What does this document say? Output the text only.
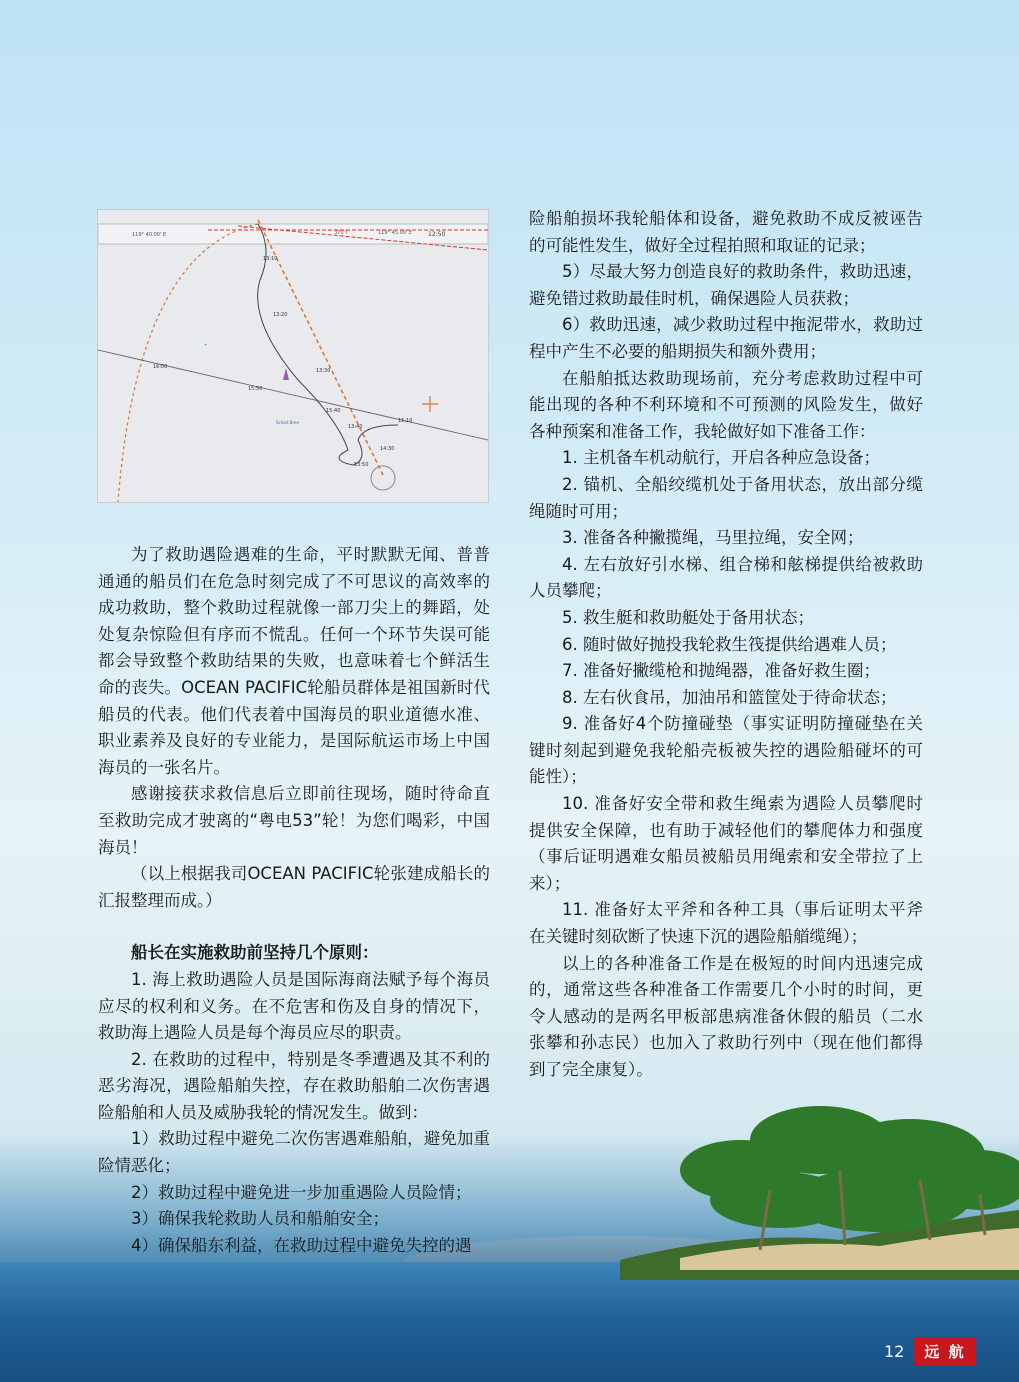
119° 40.00' E	370 T	119° 45.00' E	12:50
13:10
13:20
13:30
13:40
13:50
16:00
15:50
15:40
14:30
15:10
Schiet Bree
+

为了救助遇险遇难的生命，平时默默无闻、普普通通的船员们在危急时刻完成了不可思议的高效率的成功救助，整个救助过程就像一部刀尖上的舞蹈，处处复杂惊险但有序而不慌乱。任何一个环节失误可能都会导致整个救助结果的失败，也意味着七个鲜活生命的丧失。OCEAN PACIFIC轮船员群体是祖国新时代船员的代表。他们代表着中国海员的职业道德水准、职业素养及良好的专业能力，是国际航运市场上中国海员的一张名片。

感谢接获求救信息后立即前往现场，随时待命直至救助完成才驶离的“粤电53”轮！为您们喝彩，中国海员！

（以上根据我司OCEAN PACIFIC轮张建成船长的汇报整理而成。）

船长在实施救助前坚持几个原则：

1. 海上救助遇险人员是国际海商法赋予每个海员应尽的权利和义务。在不危害和伤及自身的情况下，救助海上遇险人员是每个海员应尽的职责。

2. 在救助的过程中，特别是冬季遭遇及其不利的恶劣海况，遇险船舶失控，存在救助船舶二次伤害遇险船舶和人员及威胁我轮的情况发生。做到：

1）救助过程中避免二次伤害遇难船舶，避免加重险情恶化；

2）救助过程中避免进一步加重遇险人员险情；

3）确保我轮救助人员和船舶安全；

4）确保船东利益，在救助过程中避免失控的遇

险船舶损坏我轮船体和设备，避免救助不成反被诬告的可能性发生，做好全过程拍照和取证的记录；

5）尽最大努力创造良好的救助条件，救助迅速，避免错过救助最佳时机，确保遇险人员获救；

6）救助迅速，减少救助过程中拖泥带水，救助过程中产生不必要的船期损失和额外费用；

在船舶抵达救助现场前，充分考虑救助过程中可能出现的各种不利环境和不可预测的风险发生，做好各种预案和准备工作，我轮做好如下准备工作：

1. 主机备车机动航行，开启各种应急设备；

2. 锚机、全船绞缆机处于备用状态，放出部分缆绳随时可用；

3. 准备各种撇揽绳，马里拉绳，安全网；

4. 左右放好引水梯、组合梯和舷梯提供给被救助人员攀爬；

5. 救生艇和救助艇处于备用状态；

6. 随时做好抛投我轮救生筏提供给遇难人员；

7. 准备好撇缆枪和抛绳器，准备好救生圈；

8. 左右伙食吊，加油吊和篮筐处于待命状态；

9. 准备好4个防撞碰垫（事实证明防撞碰垫在关键时刻起到避免我轮船壳板被失控的遇险船碰坏的可能性）；

10. 准备好安全带和救生绳索为遇险人员攀爬时提供安全保障，也有助于减轻他们的攀爬体力和强度（事后证明遇难女船员被船员用绳索和安全带拉了上来）；

11. 准备好太平斧和各种工具（事后证明太平斧在关键时刻砍断了快速下沉的遇险船艏缆绳）；

以上的各种准备工作是在极短的时间内迅速完成的，通常这些各种准备工作需要几个小时的时间，更令人感动的是两名甲板部患病准备休假的船员（二水张攀和孙志民）也加入了救助行列中（现在他们都得到了完全康复）。

12	远 航
